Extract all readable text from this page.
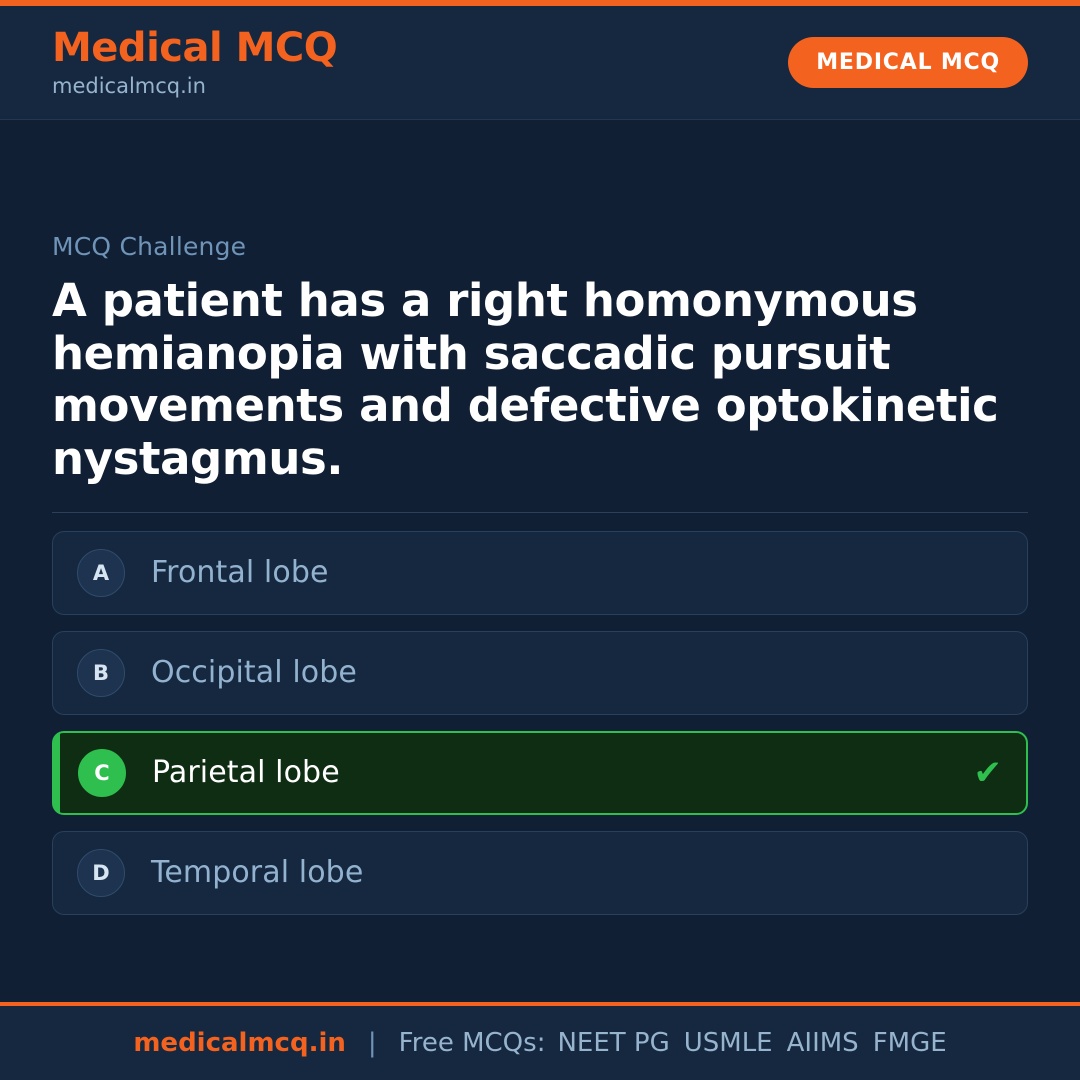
Medical MCQ
medicalmcq.in
MEDICAL MCQ
MCQ Challenge
A patient has a right homonymous hemianopia with saccadic pursuit movements and defective optokinetic nystagmus.
A	Frontal lobe
B	Occipital lobe
C	Parietal lobe	✔
D	Temporal lobe
medicalmcq.in | Free MCQs: NEET PG USMLE AIIMS FMGE
